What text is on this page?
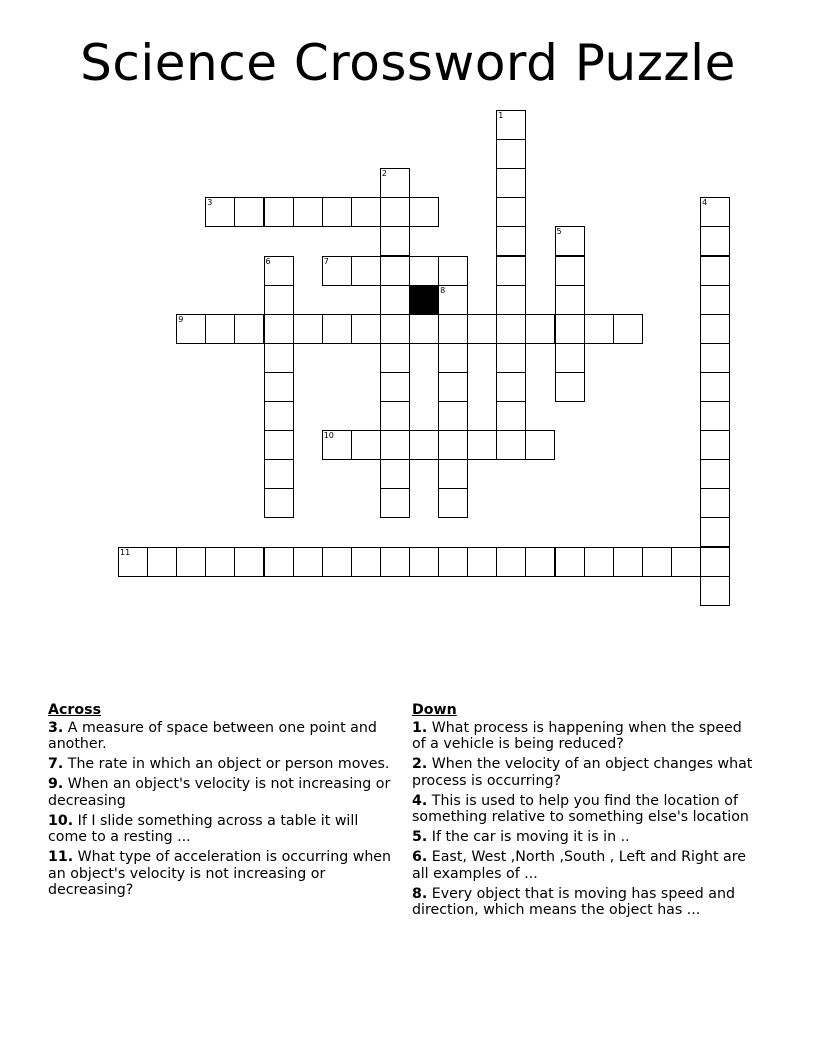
Science Crossword Puzzle
1
2
3	4
5
6	7
8
9
10
11
Across
3. A measure of space between one point and another.
7. The rate in which an object or person moves.
9. When an object's velocity is not increasing or decreasing
10. If I slide something across a table it will come to a resting ...
11. What type of acceleration is occurring when an object's velocity is not increasing or decreasing?
Down
1. What process is happening when the speed of a vehicle is being reduced?
2. When the velocity of an object changes what process is occurring?
4. This is used to help you find the location of something relative to something else's location
5. If the car is moving it is in ..
6. East, West ,North ,South , Left and Right are all examples of ...
8. Every object that is moving has speed and direction, which means the object has ...
